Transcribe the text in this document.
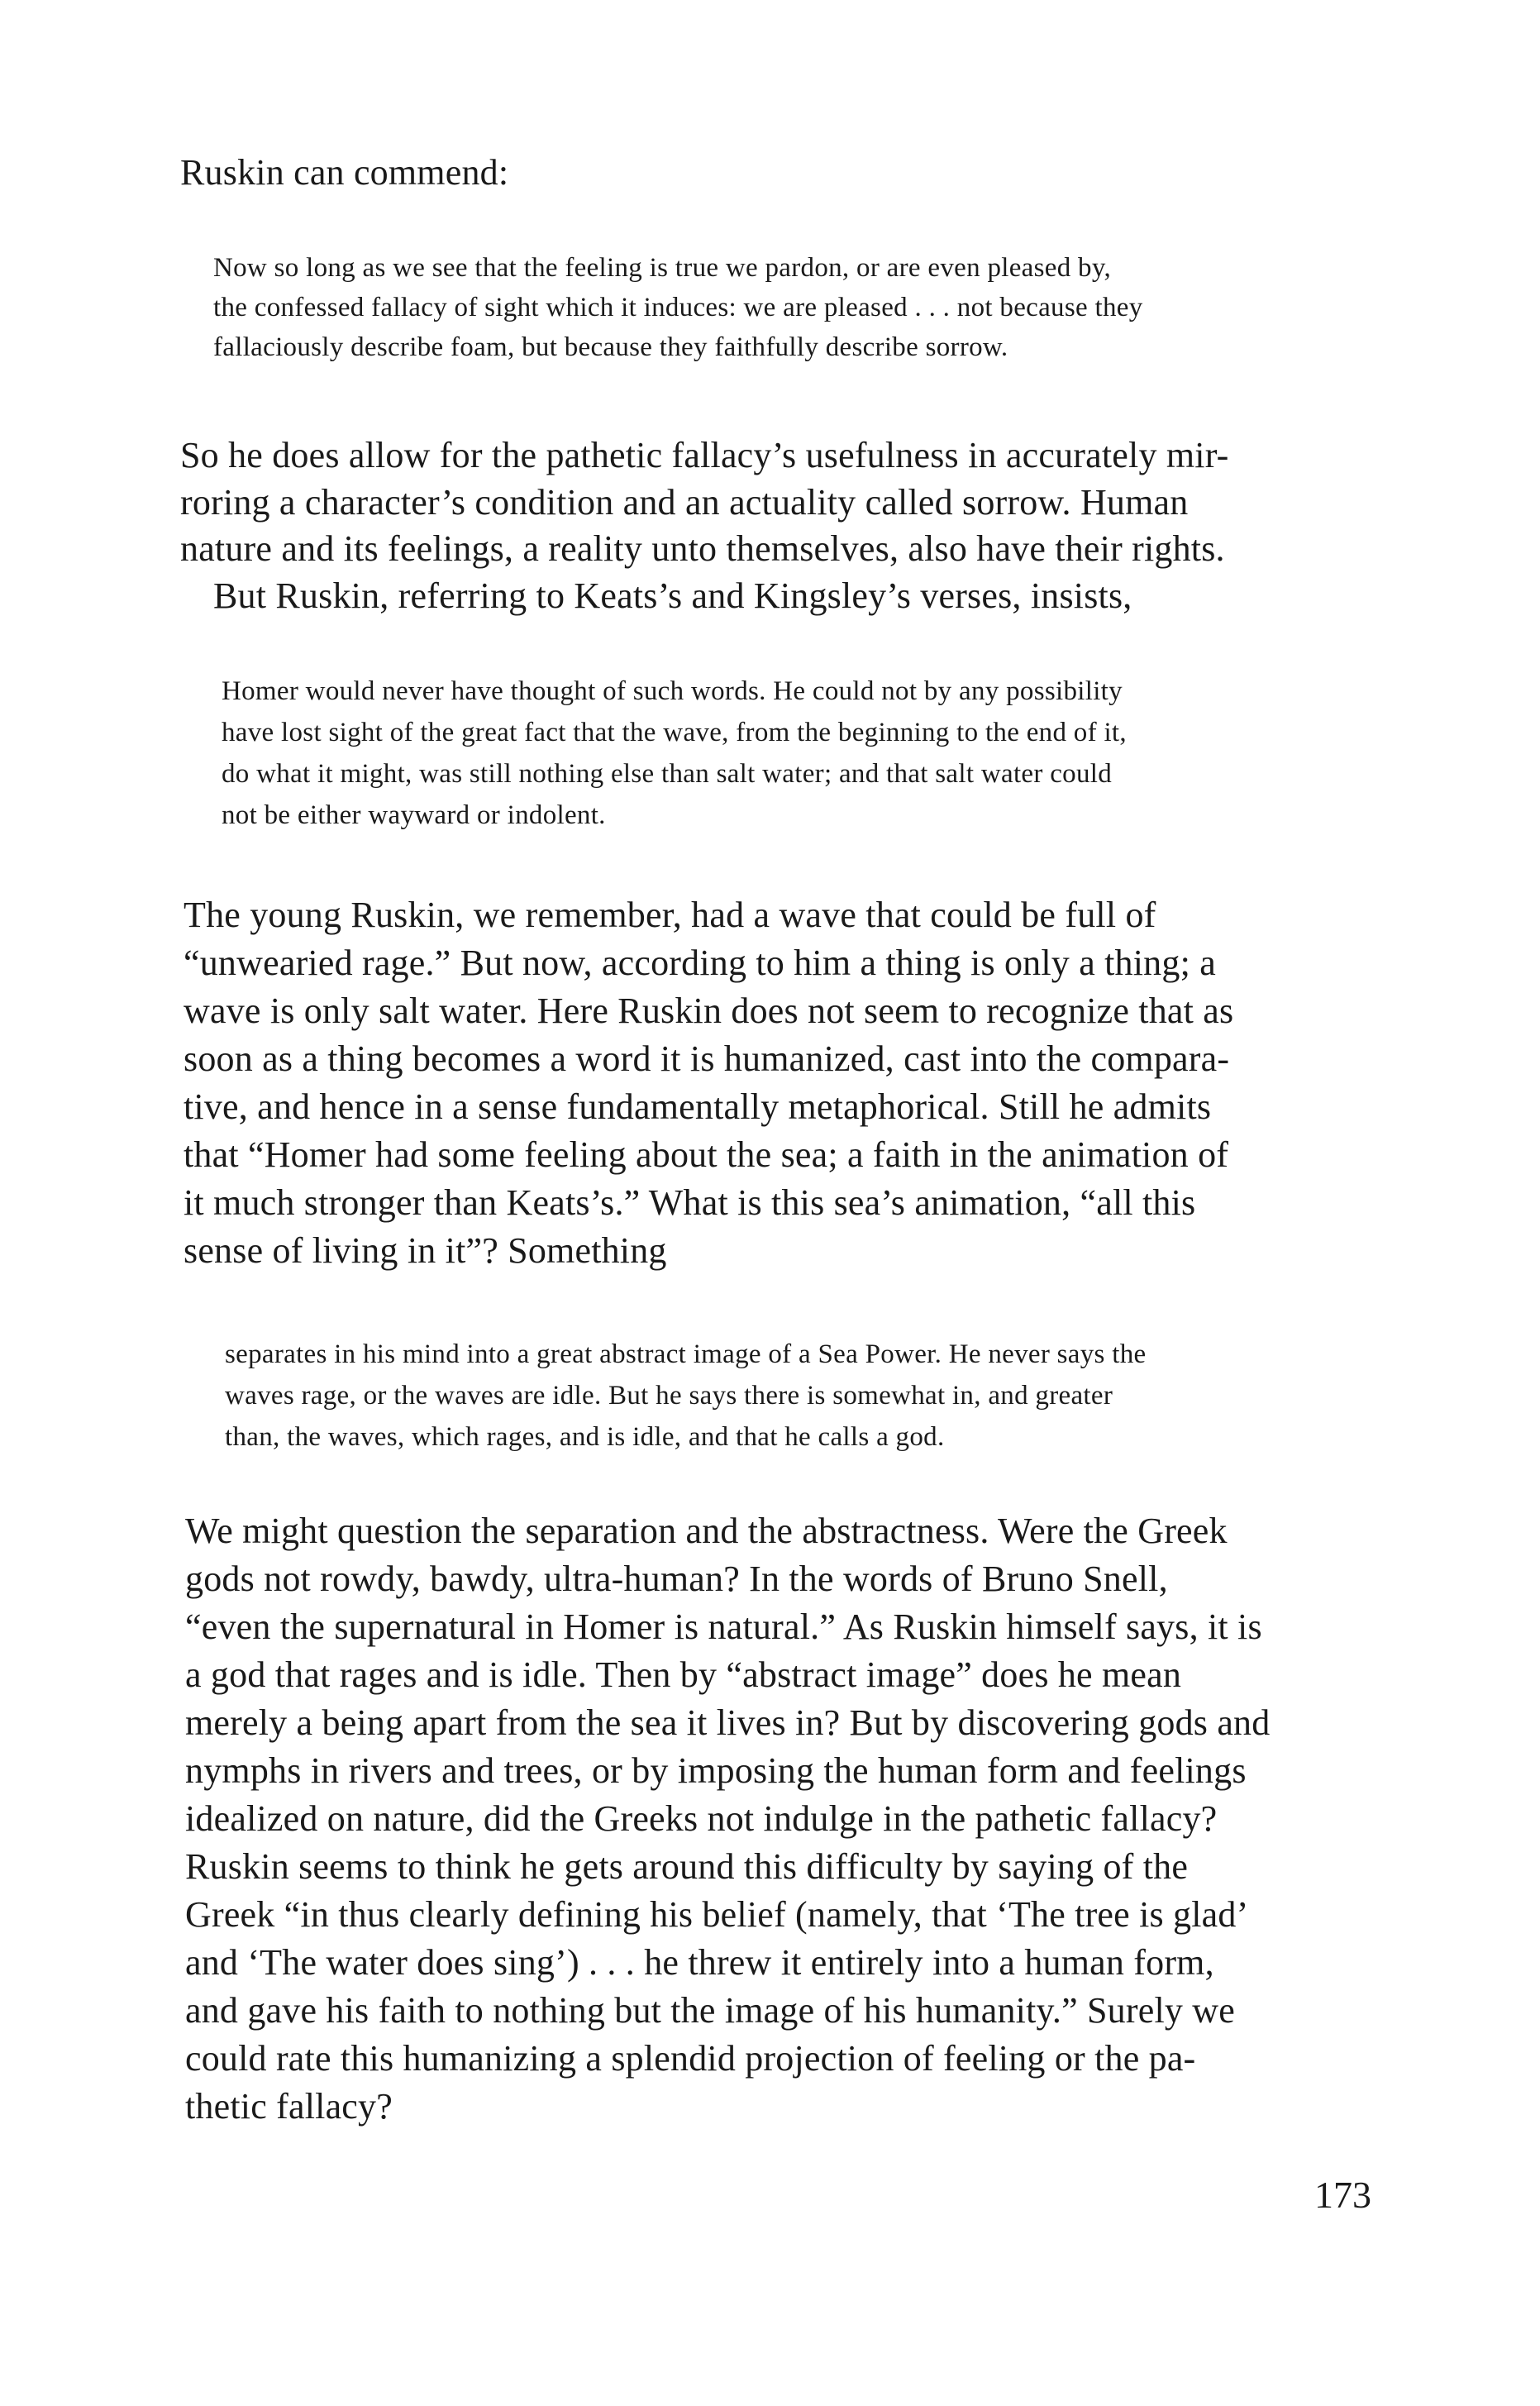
Ruskin can commend:
Now so long as we see that the feeling is true we pardon, or are even pleased by,
the confessed fallacy of sight which it induces: we are pleased . . . not because they
fallaciously describe foam, but because they faithfully describe sorrow.
So he does allow for the pathetic fallacy’s usefulness in accurately mir-
roring a character’s condition and an actuality called sorrow. Human
nature and its feelings, a reality unto themselves, also have their rights.
But Ruskin, referring to Keats’s and Kingsley’s verses, insists,
Homer would never have thought of such words. He could not by any possibility
have lost sight of the great fact that the wave, from the beginning to the end of it,
do what it might, was still nothing else than salt water; and that salt water could
not be either wayward or indolent.
The young Ruskin, we remember, had a wave that could be full of
“unwearied rage.” But now, according to him a thing is only a thing; a
wave is only salt water. Here Ruskin does not seem to recognize that as
soon as a thing becomes a word it is humanized, cast into the compara-
tive, and hence in a sense fundamentally metaphorical. Still he admits
that “Homer had some feeling about the sea; a faith in the animation of
it much stronger than Keats’s.” What is this sea’s animation, “all this
sense of living in it”? Something
separates in his mind into a great abstract image of a Sea Power. He never says the
waves rage, or the waves are idle. But he says there is somewhat in, and greater
than, the waves, which rages, and is idle, and that he calls a god.
We might question the separation and the abstractness. Were the Greek
gods not rowdy, bawdy, ultra-human? In the words of Bruno Snell,
“even the supernatural in Homer is natural.” As Ruskin himself says, it is
a god that rages and is idle. Then by “abstract image” does he mean
merely a being apart from the sea it lives in? But by discovering gods and
nymphs in rivers and trees, or by imposing the human form and feelings
idealized on nature, did the Greeks not indulge in the pathetic fallacy?
Ruskin seems to think he gets around this difficulty by saying of the
Greek “in thus clearly defining his belief (namely, that ‘The tree is glad’
and ‘The water does sing’) . . . he threw it entirely into a human form,
and gave his faith to nothing but the image of his humanity.” Surely we
could rate this humanizing a splendid projection of feeling or the pa-
thetic fallacy?
173
